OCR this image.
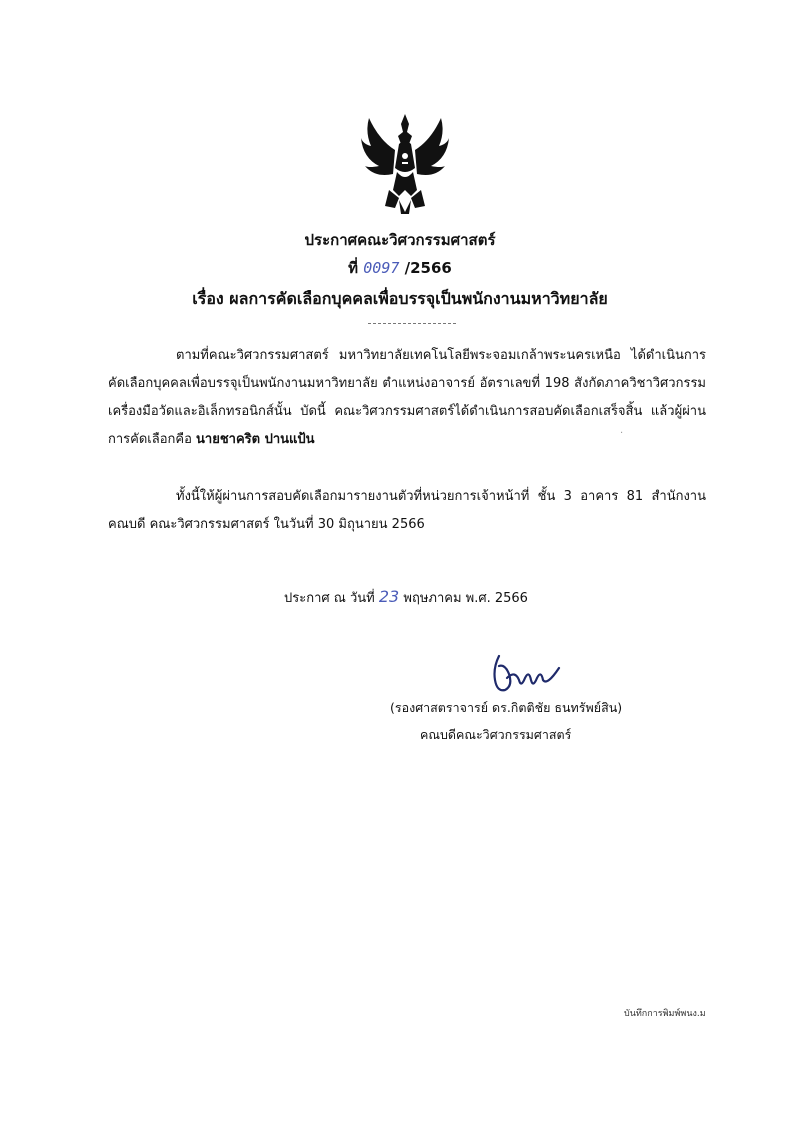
ประกาศคณะวิศวกรรมศาสตร์
ที่ 0097 /2566
เรื่อง ผลการคัดเลือกบุคคลเพื่อบรรจุเป็นพนักงานมหาวิทยาลัย

ตามที่คณะวิศวกรรมศาสตร์ มหาวิทยาลัยเทคโนโลยีพระจอมเกล้าพระนครเหนือ ได้ดำเนินการคัดเลือกบุคคลเพื่อบรรจุเป็นพนักงานมหาวิทยาลัย ตำแหน่งอาจารย์ อัตราเลขที่ 198 สังกัดภาควิชาวิศวกรรมเครื่องมือวัดและอิเล็กทรอนิกส์นั้น บัดนี้ คณะวิศวกรรมศาสตร์ได้ดำเนินการสอบคัดเลือกเสร็จสิ้น แล้วผู้ผ่านการคัดเลือกคือ นายชาคริต ปานแป้น

ทั้งนี้ให้ผู้ผ่านการสอบคัดเลือกมารายงานตัวที่หน่วยการเจ้าหน้าที่ ชั้น 3 อาคาร 81 สำนักงานคณบดี คณะวิศวกรรมศาสตร์ ในวันที่ 30 มิถุนายน 2566

ประกาศ ณ วันที่ 23 พฤษภาคม พ.ศ. 2566
(รองศาสตราจารย์ ดร.กิตติชัย ธนทรัพย์สิน)
คณบดีคณะวิศวกรรมศาสตร์
·
บันทึกการพิมพ์พนง.ม
